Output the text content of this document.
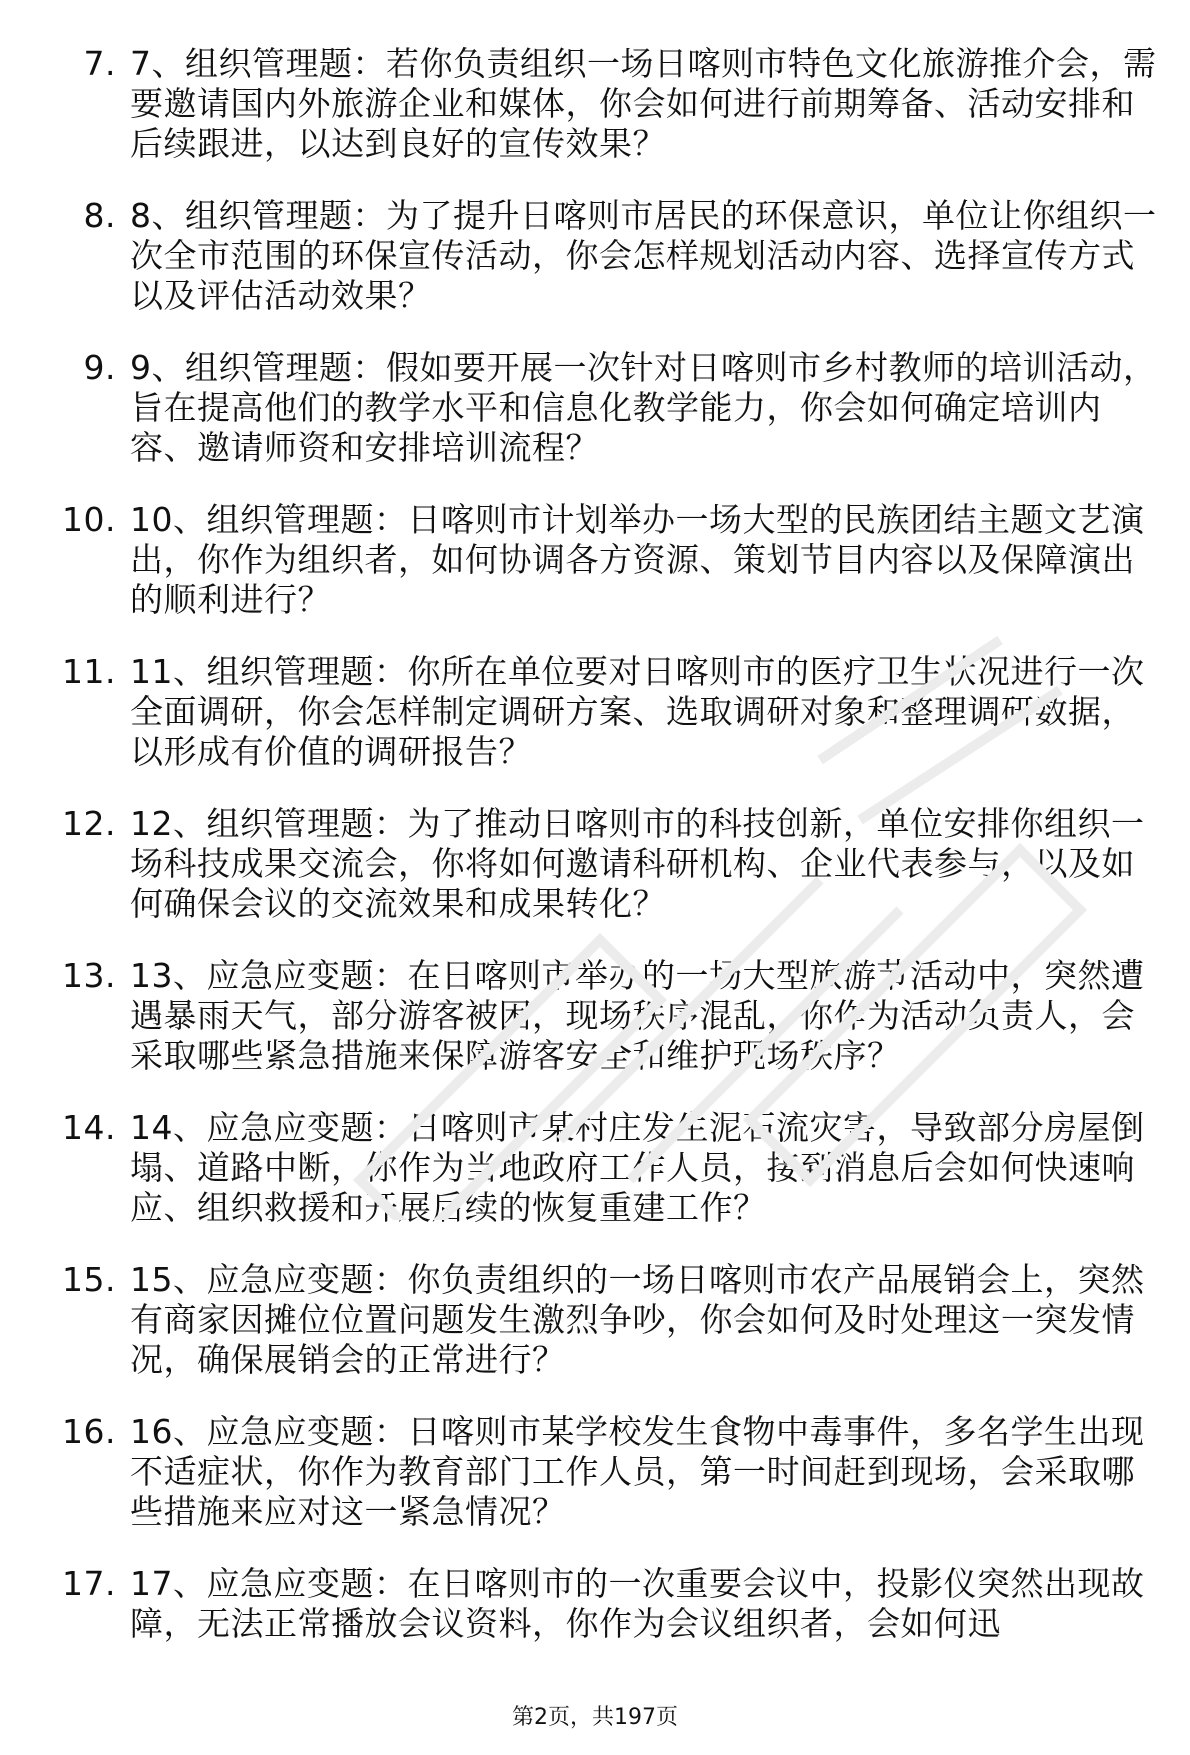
7. 7、组织管理题：若你负责组织一场日喀则市特色文化旅游推介会，需要邀请国内外旅游企业和媒体，你会如何进行前期筹备、活动安排和后续跟进，以达到良好的宣传效果？
8. 8、组织管理题：为了提升日喀则市居民的环保意识，单位让你组织一次全市范围的环保宣传活动，你会怎样规划活动内容、选择宣传方式以及评估活动效果？
9. 9、组织管理题：假如要开展一次针对日喀则市乡村教师的培训活动，旨在提高他们的教学水平和信息化教学能力，你会如何确定培训内容、邀请师资和安排培训流程？
10. 10、组织管理题：日喀则市计划举办一场大型的民族团结主题文艺演出，你作为组织者，如何协调各方资源、策划节目内容以及保障演出的顺利进行？
11. 11、组织管理题：你所在单位要对日喀则市的医疗卫生状况进行一次全面调研，你会怎样制定调研方案、选取调研对象和整理调研数据，以形成有价值的调研报告？
12. 12、组织管理题：为了推动日喀则市的科技创新，单位安排你组织一场科技成果交流会，你将如何邀请科研机构、企业代表参与，以及如何确保会议的交流效果和成果转化？
13. 13、应急应变题：在日喀则市举办的一场大型旅游节活动中，突然遭遇暴雨天气，部分游客被困，现场秩序混乱，你作为活动负责人，会采取哪些紧急措施来保障游客安全和维护现场秩序？
14. 14、应急应变题：日喀则市某村庄发生泥石流灾害，导致部分房屋倒塌、道路中断，你作为当地政府工作人员，接到消息后会如何快速响应、组织救援和开展后续的恢复重建工作？
15. 15、应急应变题：你负责组织的一场日喀则市农产品展销会上，突然有商家因摊位位置问题发生激烈争吵，你会如何及时处理这一突发情况，确保展销会的正常进行？
16. 16、应急应变题：日喀则市某学校发生食物中毒事件，多名学生出现不适症状，你作为教育部门工作人员，第一时间赶到现场，会采取哪些措施来应对这一紧急情况？
17. 17、应急应变题：在日喀则市的一次重要会议中，投影仪突然出现故障，无法正常播放会议资料，你作为会议组织者，会如何迅
第2页，共197页
